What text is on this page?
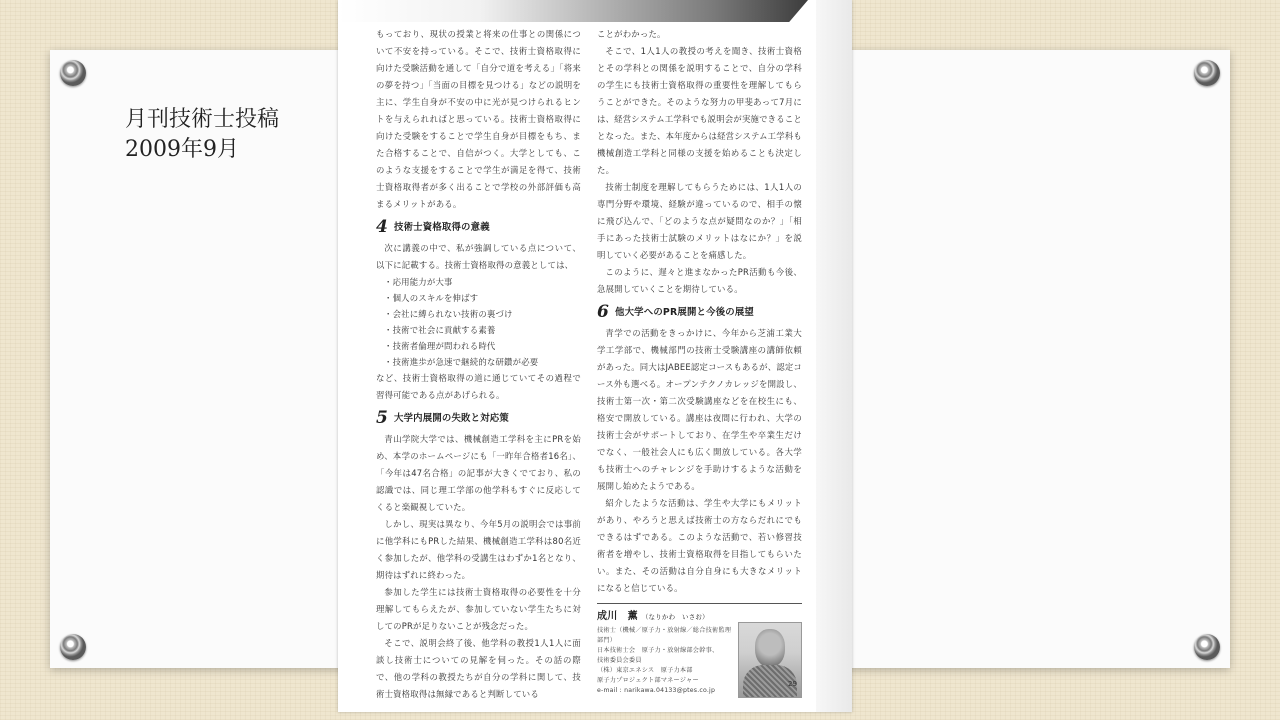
月刊技術士投稿
2009年9月

もっており、現状の授業と将来の仕事との関係について不安を持っている。そこで、技術士資格取得に向けた受験活動を通して「自分で道を考える」「将来の夢を持つ」「当面の目標を見つける」などの説明を主に、学生自身が不安の中に光が見つけられるヒントを与えられればと思っている。技術士資格取得に向けた受験をすることで学生自身が目標をもち、また合格することで、自信がつく。大学としても、このような支援をすることで学生が満足を得て、技術士資格取得者が多く出ることで学校の外部評価も高まるメリットがある。

4 技術士資格取得の意義

次に講義の中で、私が強調している点について、以下に記載する。技術士資格取得の意義としては、

・ 応用能力が大事
・ 個人のスキルを伸ばす
・ 会社に縛られない技術の裏づけ
・ 技術で社会に貢献する素養
・ 技術者倫理が問われる時代
・ 技術進歩が急速で継続的な研鑽が必要

など、技術士資格取得の道に通じていてその過程で習得可能である点があげられる。

5 大学内展開の失敗と対応策

青山学院大学では、機械創造工学科を主にPRを始め、本学のホームページにも「一昨年合格者16名」、「今年は47名合格」の記事が大きくでており、私の認識では、同じ理工学部の他学科もすぐに反応してくると楽観視していた。

しかし、現実は異なり、今年5月の説明会では事前に他学科にもPRした結果、機械創造工学科は80名近く参加したが、他学科の受講生はわずか1名となり、期待はずれに終わった。

参加した学生には技術士資格取得の必要性を十分理解してもらえたが、参加していない学生たちに対してのPRが足りないことが残念だった。

そこで、説明会終了後、他学科の教授1人1人に面談し技術士についての見解を伺った。その話の際で、他の学科の教授たちが自分の学科に関して、技術士資格取得は無縁であると判断している

ことがわかった。

そこで、1人1人の教授の考えを聞き、技術士資格とその学科との関係を説明することで、自分の学科の学生にも技術士資格取得の重要性を理解してもらうことができた。そのような努力の甲斐あって7月には、経営システム工学科でも説明会が実施できることとなった。また、本年度からは経営システム工学科も機械創造工学科と同様の支援を始めることも決定した。

技術士制度を理解してもらうためには、1人1人の専門分野や環境、経験が違っているので、相手の懐に飛び込んで、「どのような点が疑問なのか？」「相手にあった技術士試験のメリットはなにか？」を説明していく必要があることを痛感した。

このように、遅々と進まなかったPR活動も今後、急展開していくことを期待している。

6 他大学へのPR展開と今後の展望

青学での活動をきっかけに、今年から芝浦工業大学工学部で、機械部門の技術士受験講座の講師依頼があった。同大はJABEE認定コースもあるが、認定コース外も選べる。オープンテクノカレッジを開設し、技術士第一次・第二次受験講座などを在校生にも、格安で開放している。講座は夜間に行われ、大学の技術士会がサポートしており、在学生や卒業生だけでなく、一般社会人にも広く開放している。各大学も技術士へのチャレンジを手助けするような活動を展開し始めたようである。

紹介したような活動は、学生や大学にもメリットがあり、やろうと思えば技術士の方ならだれにでもできるはずである。このような活動で、若い修習技術者を増やし、技術士資格取得を目指してもらいたい。また、その活動は自分自身にも大きなメリットになると信じている。

成川　薫 （なりかわ　いさお）
技術士（機械／原子力・放射線／総合技術監理部門）
日本技術士会　原子力・放射線部会幹事、
技術委員会委員
（株）東京エネシス　原子力本部
原子力プロジェクト部マネージャー
e-mail : narikawa.04133@ptes.co.jp
29
